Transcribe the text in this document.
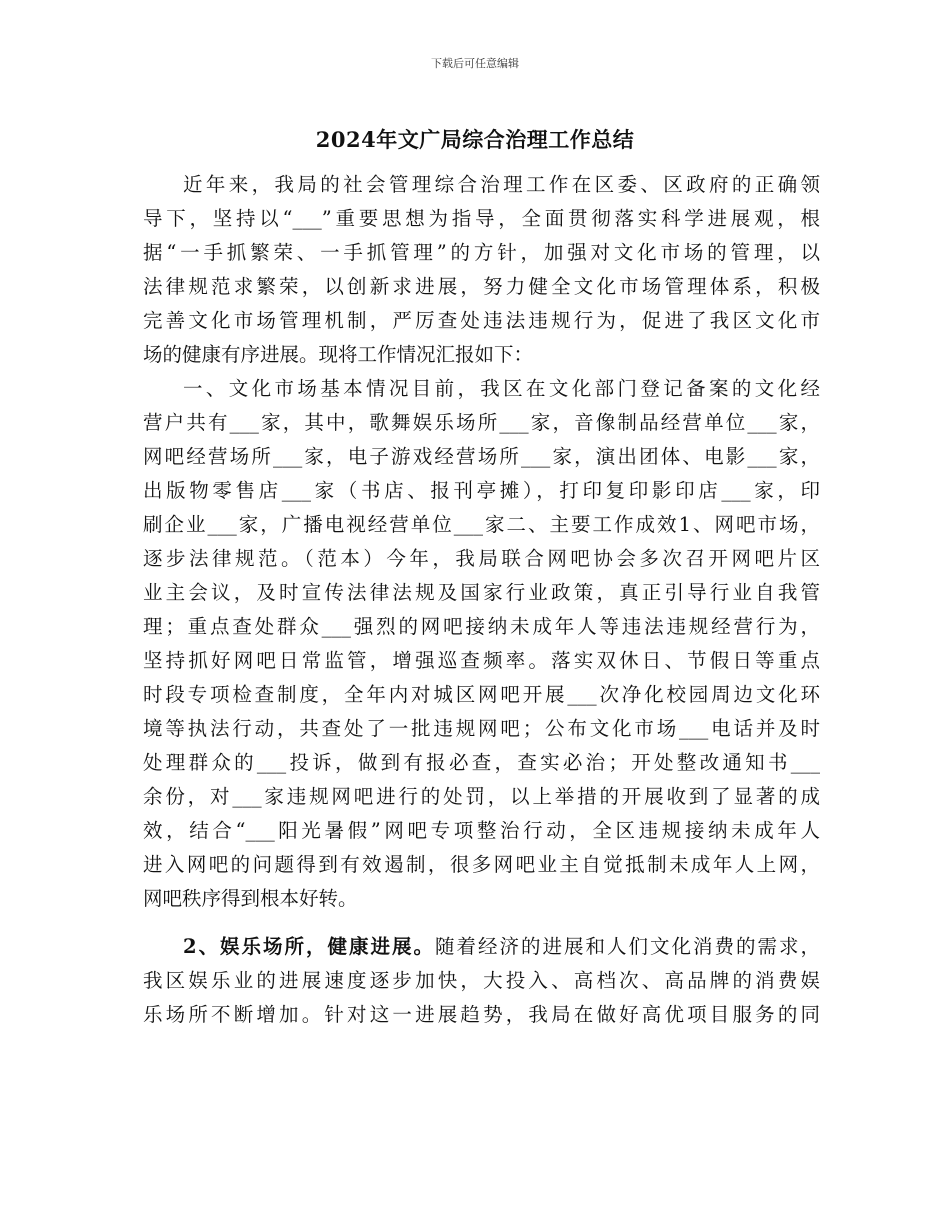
下载后可任意编辑
2024年文广局综合治理工作总结
近年来，我局的社会管理综合治理工作在区委、区政府的正确领
导下，坚持以“___”重要思想为指导，全面贯彻落实科学进展观，根
据“一手抓繁荣、一手抓管理”的方针，加强对文化市场的管理，以
法律规范求繁荣，以创新求进展，努力健全文化市场管理体系，积极
完善文化市场管理机制，严厉查处违法违规行为，促进了我区文化市
场的健康有序进展。现将工作情况汇报如下：
一、文化市场基本情况目前，我区在文化部门登记备案的文化经
营户共有___家，其中，歌舞娱乐场所___家，音像制品经营单位___家，
网吧经营场所___家，电子游戏经营场所___家，演出团体、电影___家，
出版物零售店___家（书店、报刊亭摊），打印复印影印店___家，印
刷企业___家，广播电视经营单位___家二、主要工作成效1、网吧市场，
逐步法律规范。（范本）今年，我局联合网吧协会多次召开网吧片区
业主会议，及时宣传法律法规及国家行业政策，真正引导行业自我管
理；重点查处群众___强烈的网吧接纳未成年人等违法违规经营行为，
坚持抓好网吧日常监管，增强巡查频率。落实双休日、节假日等重点
时段专项检查制度，全年内对城区网吧开展___次净化校园周边文化环
境等执法行动，共查处了一批违规网吧；公布文化市场___电话并及时
处理群众的___投诉，做到有报必查，查实必治；开处整改通知书___
余份，对___家违规网吧进行的处罚，以上举措的开展收到了显著的成
效，结合“___阳光暑假”网吧专项整治行动，全区违规接纳未成年人
进入网吧的问题得到有效遏制，很多网吧业主自觉抵制未成年人上网，
网吧秩序得到根本好转。
2、娱乐场所，健康进展。随着经济的进展和人们文化消费的需求，
我区娱乐业的进展速度逐步加快，大投入、高档次、高品牌的消费娱
乐场所不断增加。针对这一进展趋势，我局在做好高优项目服务的同
